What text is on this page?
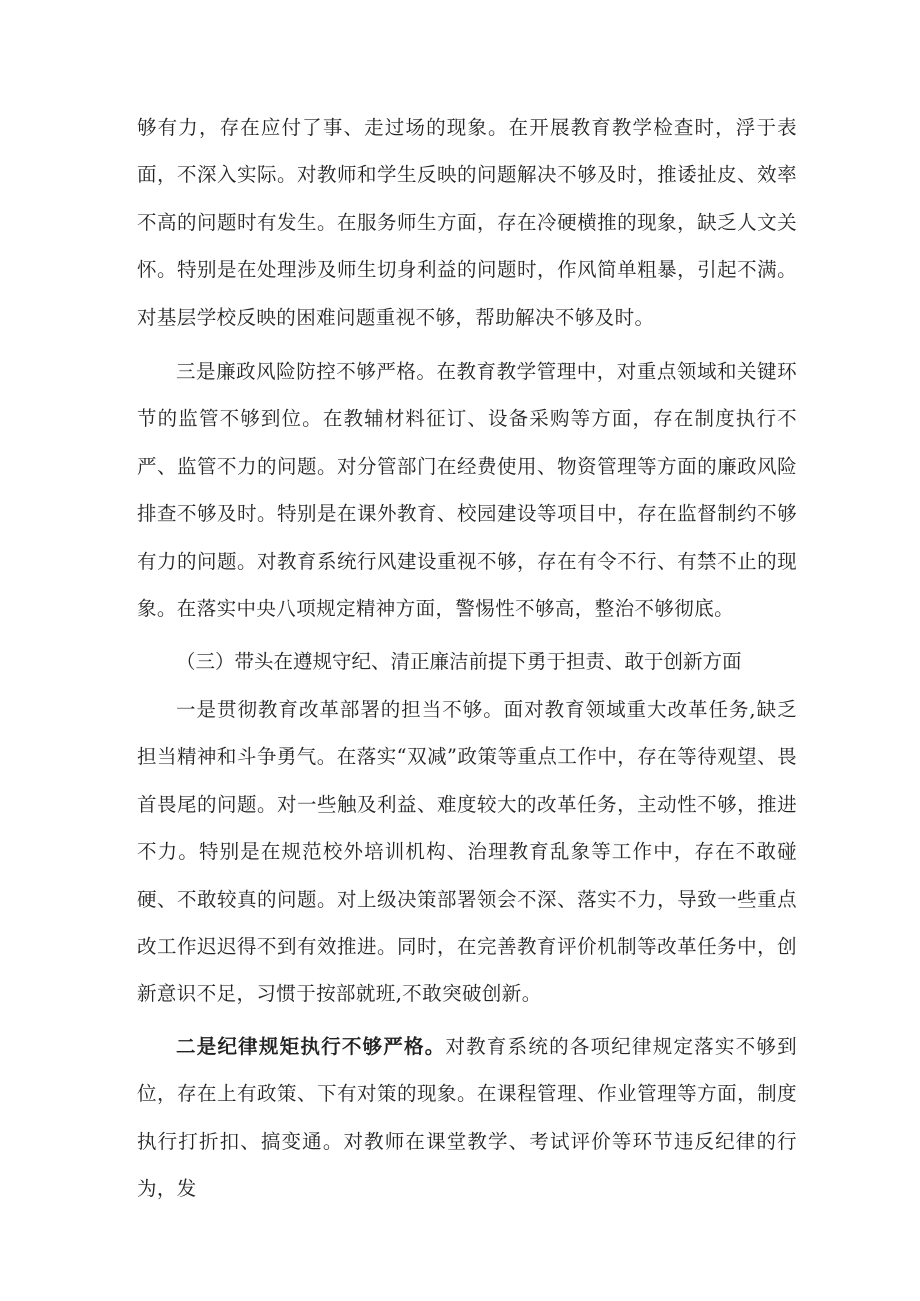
够有力，存在应付了事、走过场的现象。在开展教育教学检查时，浮于表面，不深入实际。对教师和学生反映的问题解决不够及时，推诿扯皮、效率不高的问题时有发生。在服务师生方面，存在冷硬横推的现象，缺乏人文关怀。特别是在处理涉及师生切身利益的问题时，作风简单粗暴，引起不满。对基层学校反映的困难问题重视不够，帮助解决不够及时。

三是廉政风险防控不够严格。在教育教学管理中，对重点领域和关键环节的监管不够到位。在教辅材料征订、设备采购等方面，存在制度执行不严、监管不力的问题。对分管部门在经费使用、物资管理等方面的廉政风险排查不够及时。特别是在课外教育、校园建设等项目中，存在监督制约不够有力的问题。对教育系统行风建设重视不够，存在有令不行、有禁不止的现象。在落实中央八项规定精神方面，警惕性不够高，整治不够彻底。

（三）带头在遵规守纪、清正廉洁前提下勇于担责、敢于创新方面

一是贯彻教育改革部署的担当不够。面对教育领域重大改革任务,缺乏担当精神和斗争勇气。在落实“双减”政策等重点工作中，存在等待观望、畏首畏尾的问题。对一些触及利益、难度较大的改革任务，主动性不够，推进不力。特别是在规范校外培训机构、治理教育乱象等工作中，存在不敢碰硬、不敢较真的问题。对上级决策部署领会不深、落实不力，导致一些重点改工作迟迟得不到有效推进。同时，在完善教育评价机制等改革任务中，创新意识不足，习惯于按部就班,不敢突破创新。

二是纪律规矩执行不够严格。对教育系统的各项纪律规定落实不够到位，存在上有政策、下有对策的现象。在课程管理、作业管理等方面，制度执行打折扣、搞变通。对教师在课堂教学、考试评价等环节违反纪律的行为，发
